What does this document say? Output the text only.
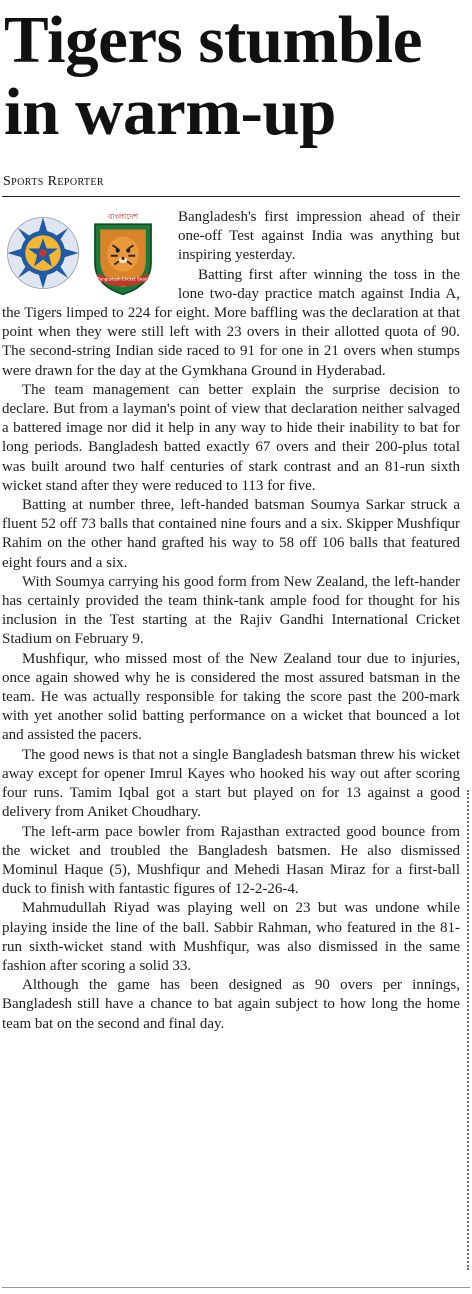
Tigers stumble in warm-up
Sports Reporter
বাংলাদেশ
Bangladesh Cricket Board

Bangladesh's first impression ahead of their one-off Test against India was anything but inspiring yesterday.

Batting first after winning the toss in the lone two-day practice match against India A, the Tigers limped to 224 for eight. More baffling was the declaration at that point when they were still left with 23 overs in their allotted quota of 90. The second-string Indian side raced to 91 for one in 21 overs when stumps were drawn for the day at the Gymkhana Ground in Hyderabad.

The team management can better explain the surprise decision to declare. But from a layman's point of view that declaration neither salvaged a battered image nor did it help in any way to hide their inability to bat for long periods. Bangladesh batted exactly 67 overs and their 200-plus total was built around two half centuries of stark contrast and an 81-run sixth wicket stand after they were reduced to 113 for five.

Batting at number three, left-handed batsman Soumya Sarkar struck a fluent 52 off 73 balls that contained nine fours and a six. Skipper Mushfiqur Rahim on the other hand grafted his way to 58 off 106 balls that featured eight fours and a six.

With Soumya carrying his good form from New Zealand, the left-hander has certainly provided the team think-tank ample food for thought for his inclusion in the Test starting at the Rajiv Gandhi International Cricket Stadium on February 9.

Mushfiqur, who missed most of the New Zealand tour due to injuries, once again showed why he is considered the most assured batsman in the team. He was actually responsible for taking the score past the 200-mark with yet another solid batting performance on a wicket that bounced a lot and assisted the pacers.

The good news is that not a single Bangladesh batsman threw his wicket away except for opener Imrul Kayes who hooked his way out after scoring four runs. Tamim Iqbal got a start but played on for 13 against a good delivery from Aniket Choudhary.

The left-arm pace bowler from Rajasthan extracted good bounce from the wicket and troubled the Bangladesh batsmen. He also dismissed Mominul Haque (5), Mushfiqur and Mehedi Hasan Miraz for a first-ball duck to finish with fantastic figures of 12-2-26-4.

Mahmudullah Riyad was playing well on 23 but was undone while playing inside the line of the ball. Sabbir Rahman, who featured in the 81-run sixth-wicket stand with Mushfiqur, was also dismissed in the same fashion after scoring a solid 33.

Although the game has been designed as 90 overs per innings, Bangladesh still have a chance to bat again subject to how long the home team bat on the second and final day.
